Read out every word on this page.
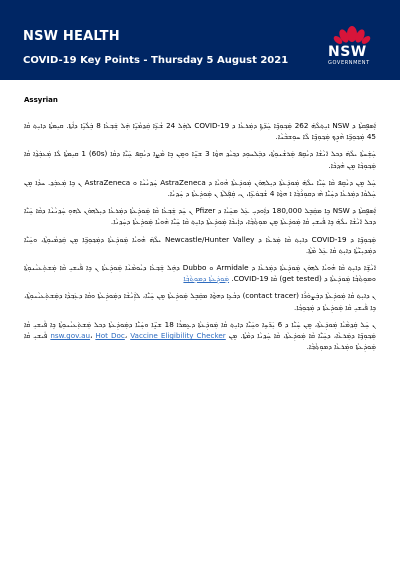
NSW HEALTH
COVID-19 Key Points - Thursday 5 August 2021
NSW
GOVERNMENT
Assyrian

ܐܲܣܦܸܩܬܵܐ ܕ NSW ܐܝܼܬ݂ܠܵܗ̇ 262 ܡܲܟ݂ܘܼܟ݂ܹ̈ܐ ܚܲܕ̈ܬܹ݂ܐ ܕܡܲܪܥܵܐ ܕ COVID-19 ܠܗܲܠ 24 ܫܵܥܹ̈ܐ ܩܲܕ݂ܡܵܝܹ̈ܐ ܗܲܠ ܫܲܒ݂ܥܵܐ 8 ܒܲܠܵܝܹ̈ܐ ܕܐܵܬ݂ܐ. ܩܝܼܡܬ݂ܵܐ ܕܐܝܼܬ݂ ܩܵܐ 45 ܡܲܟ݂ܘܼܟ݂ܹ̈ܐ ܗܵܕܸܟ݂ ܡܲܟ݂ܘܼܟ݂ܹ̈ܐ ܠܵܐ ܚܘܼܫܒܵܢܵܐ.

ܚܲܫܲܚܬܵܐ ܝܠܵܗ̇ ܕܟܠ ܐ݇ܢܵܫܵܐ ܕܢܵܩܹܦ ܡܲܪܫܵܢܘܼܬ݂ܵܐ، ܕܒܲܠܚܘܼܕ ܕܟ݂ܝܵܕ݂ ܗ̱ܘ̣ܵܐ 3 ܫܢܸ̈ܐ ܘܡܸܢ ܟܸܐ ܡܵܨܹܐ ܕܢܵܩܸܦ ܚܲܝ̈ܵܐ ܕܩܵܐ (60s) 1 ܩܝܼܡܬ݂ܵܐ ܠܵܐ ܡܲܥܒܲܕ݂ܵܐ ܩܵܐ ܡܲܟ݂ܘܼܟ݂ܵܐ ܡܸܢ ܗܵܕ݂ܟܵܐ.

ܚܲܠ ܡܸܢ ܕܢܵܩܸܦ ܩܵܐ ܚܲܝ̈ܵܐ ܝܠܵܗ̇ ܡܲܘܕܲܥܬܵܐ ܕܝܼܠܗܘܿܢ ܡܲܘܕܲܥܬܵܐ ܗܵܘܝܵܐ ܕ AstraZeneca ܚܲܕ݂ܢܵܢܵܐ ܘ AstraZeneca ܢ ܟܹܐ ܡܲܥܒܲܕ݂. ܚܕܵܐ ܡܸܢ ܚܲܠܘܵܐ ܕܡܲܪܥܵܐ ܕܚܲܝ̈ܵܐ ܗܵܝ ܕܩܘܼܪܵܒ݂ܵܐ ܐ ܗ̱ܘܵܐ 4 ܫܵܒ݂ܘܿܥܹ̈ܐ، ܢ، ܩܲܦܲܠܬܵܐ ܢ ܡܲܘܕܲܥܬܵܐ ܕ ܚܲܕ݂ܢܵܐ.

ܐܲܣܦܸܩܬܵܐ ܕ NSW ܟܹܐ ܡܩܲܒܸܠ 180,000 ܕܐܲܘܕܝܼ ܥܲܠ ܡܚܲܝܵܐ ܕ Pfizer ܢ ܚܲܕ ܫܲܒ݂ܥܵܐ ܩܵܐ ܡܲܘܕܲܥܬܵܐ ܕܡܲܪܥܵܐ ܕܝܼܠܗܘܿܢ ܠܗܘܼ ܚܲܕ݂ܢܵܢܵܐ ܕܩܵܐ ܚܲܝ̈ܵܐ ܕܟܠ ܐ݇ܢܵܫܵܐ ܝܠܵܗ̇ ܟܹܐ ܦܵܝܫܝܼ ܩܵܐ ܡܲܘܕܲܥܬܵܐ ܡܸܢ ܡܘܼܬ݂ܵܒ݂ܵܐ، ܕܐܲܝܟܵܐ ܡܲܘܕܲܥܬܵܐ ܕܐܝܼܬ݂ ܩܵܐ ܚܲܝ̈ܵܐ ܗܵܘܝܵܐ ܡܲܘܕܲܥܬܵܐ ܕܚܲܕ݂ܢܵܐ.

ܡܲܟ݂ܘܼܟ݂ܹ̈ܐ ܕ COVID-19 ܕܐܝܼܬ݂ ܩܵܐ ܡܲܪܥܵܐ ܕ Newcastle/Hunter Valley ܝܠܵܗ̇ ܗܵܘܝܵܐ ܡܲܘܕܲܥܬܵܐ ܕܡܲܟ݂ܘܼܟ݂ܹ̈ܐ ܡܸܢ ܩܲܕ݂ܡܵܝܘܼܬ݂ܵܐ، ܘܚܲܝ̈ܵܐ ܕܡܲܕܝܼܢ̈ܵܬ݂ܵܐ ܕܐܝܼܬ݂ ܩܵܐ ܥܲܠ ܡܵܬ݂ܵܐ.

ܐ݇ܢܵܫܹ̈ܐ ܕܐܝܼܬ݂ ܩܵܐ ܗܵܘܝܵܐ ܠܗܘܿܢ ܡܲܘܕܲܥܬܵܐ ܕܡܲܪܥܵܐ ܕ Armidale ܘ Dubbo ܕܗܲܠ ܫܲܒ݂ܥܵܐ ܕܝܵܘܡܵܢܵܐ ܡܲܘܕܲܥܬܵܐ ܢ ܟܹܐ ܦܵܝܫܝܼ ܩܵܐ ܡܲܫܬܲܥܝܵܢܘܼܬ݂ܵܐ ܘܡܘܼܬ݂ܵܒ݂ܵܐ ܡܲܘܕܲܥܬܵܐ ܕ (get tested) ܩܵܐ COVID-19. ܡܲܘܕܲܥܬܵܐ ܕܡܘܼܬ݂ܵܒ݂ܵܐ

ܢ ܕܐܝܼܬ݂ ܩܵܐ ܡܲܘܕܲܥܬܵܐ ܕܒܲܨܘܿܪܵܐ (contact tracer) ܕܒܵܥܹܐ ܕܗ̱ܘܵܐ ܡܩܲܒܸܠ ܡܲܘܕܲܥܬܵܐ ܡܸܢ ܚܲܝ̈ܵܐ، ܠܐܲܢܵܫܵܐ ܕܡܲܘܕܲܥܬܵܐ ܘܩܵܐ ܕܥܲܒ݂ܕܵܐ ܕܡܲܫܬܲܥܝܵܢܘܼܬ݂ܵܐ، ܟܹܐ ܦܵܝܫܝܼ ܩܵܐ ܡܲܘܕܲܥܬܵܐ ܕ ܡܲܟ݂ܘܼܟ݂ܵܐ.

ܢ ܚܲܠ ܩܲܕ݂ܡܵܝܵܐ ܡܲܘܕܲܥܬܵܐ، ܡܸܢ ܚܲܝ̈ܵܐ ܕ 6 ܝܲܪ̈ܚܹܐ ܘܚܲܝ̈ܵܐ ܕܐܝܼܬ݂ ܩܵܐ ܡܲܘܕܲܥܬܵܐ ܕܥܸܡܪܵܐ 18 ܫܢܸ̈ܐ ܘܚܲܝ̈ܵܐ ܕܡܲܘܕܲܥܬܵܐ ܕܟܠ ܡܲܫܬܲܥܝܵܢܘܼܬ݂ܵܐ ܟܹܐ ܦܵܝܫܝܼ ܩܵܐ ܡܲܟ݂ܘܼܟ݂ܹ̈ܐ ܕܡܲܪܥܵܐ، ܕܚܲܝ̈ܵܐ ܩܵܐ ܡܲܘܕܲܥܬܵܐ، ܩܵܐ ܚܲܕ݂ܢܵܐ ܕܡܵܬ݂ܵܐ. ܡܸܢ nsw.gov.au، Hot Doc، Vaccine Eligibility Checker ܦܵܝܫܝܼ ܩܵܐ ܡܲܘܕܲܥܬܵܐ ܘܡܲܪܥܵܐ ܕܡܘܼܬ݂ܵܒ݂ܵܐ.
